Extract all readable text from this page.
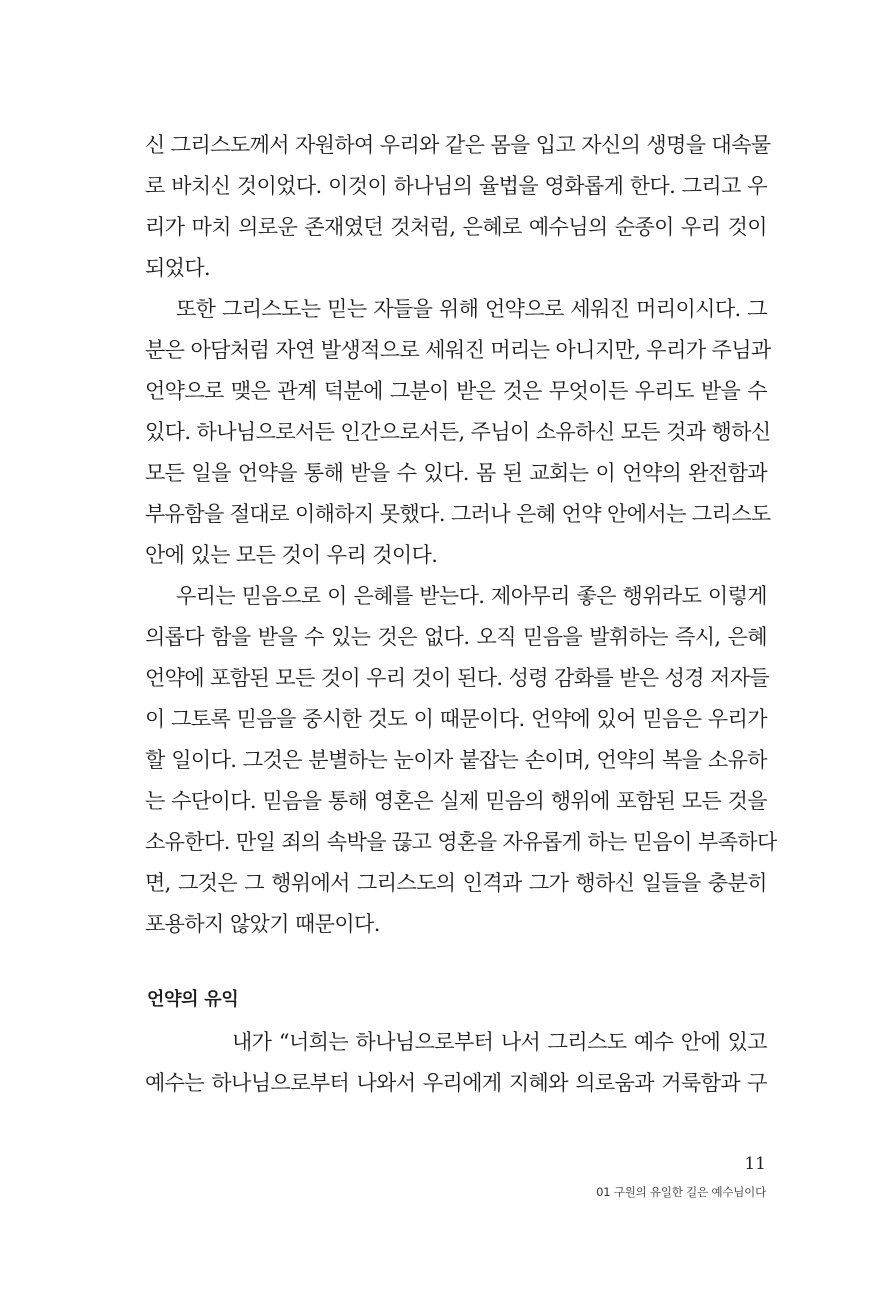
신 그리스도께서 자원하여 우리와 같은 몸을 입고 자신의 생명을 대속물
로 바치신 것이었다. 이것이 하나님의 율법을 영화롭게 한다. 그리고 우
리가 마치 의로운 존재였던 것처럼, 은혜로 예수님의 순종이 우리 것이
되었다.
또한 그리스도는 믿는 자들을 위해 언약으로 세워진 머리이시다. 그
분은 아담처럼 자연 발생적으로 세워진 머리는 아니지만, 우리가 주님과
언약으로 맺은 관계 덕분에 그분이 받은 것은 무엇이든 우리도 받을 수
있다. 하나님으로서든 인간으로서든, 주님이 소유하신 모든 것과 행하신
모든 일을 언약을 통해 받을 수 있다. 몸 된 교회는 이 언약의 완전함과
부유함을 절대로 이해하지 못했다. 그러나 은혜 언약 안에서는 그리스도
안에 있는 모든 것이 우리 것이다.
우리는 믿음으로 이 은혜를 받는다. 제아무리 좋은 행위라도 이렇게
의롭다 함을 받을 수 있는 것은 없다. 오직 믿음을 발휘하는 즉시, 은혜
언약에 포함된 모든 것이 우리 것이 된다. 성령 감화를 받은 성경 저자들
이 그토록 믿음을 중시한 것도 이 때문이다. 언약에 있어 믿음은 우리가
할 일이다. 그것은 분별하는 눈이자 붙잡는 손이며, 언약의 복을 소유하
는 수단이다. 믿음을 통해 영혼은 실제 믿음의 행위에 포함된 모든 것을
소유한다. 만일 죄의 속박을 끊고 영혼을 자유롭게 하는 믿음이 부족하다
면, 그것은 그 행위에서 그리스도의 인격과 그가 행하신 일들을 충분히
포용하지 않았기 때문이다.
언약의 유익
내가 “너희는 하나님으로부터 나서 그리스도 예수 안에 있고
예수는 하나님으로부터 나와서 우리에게 지혜와 의로움과 거룩함과 구
11
01 구원의 유일한 길은 예수님이다
